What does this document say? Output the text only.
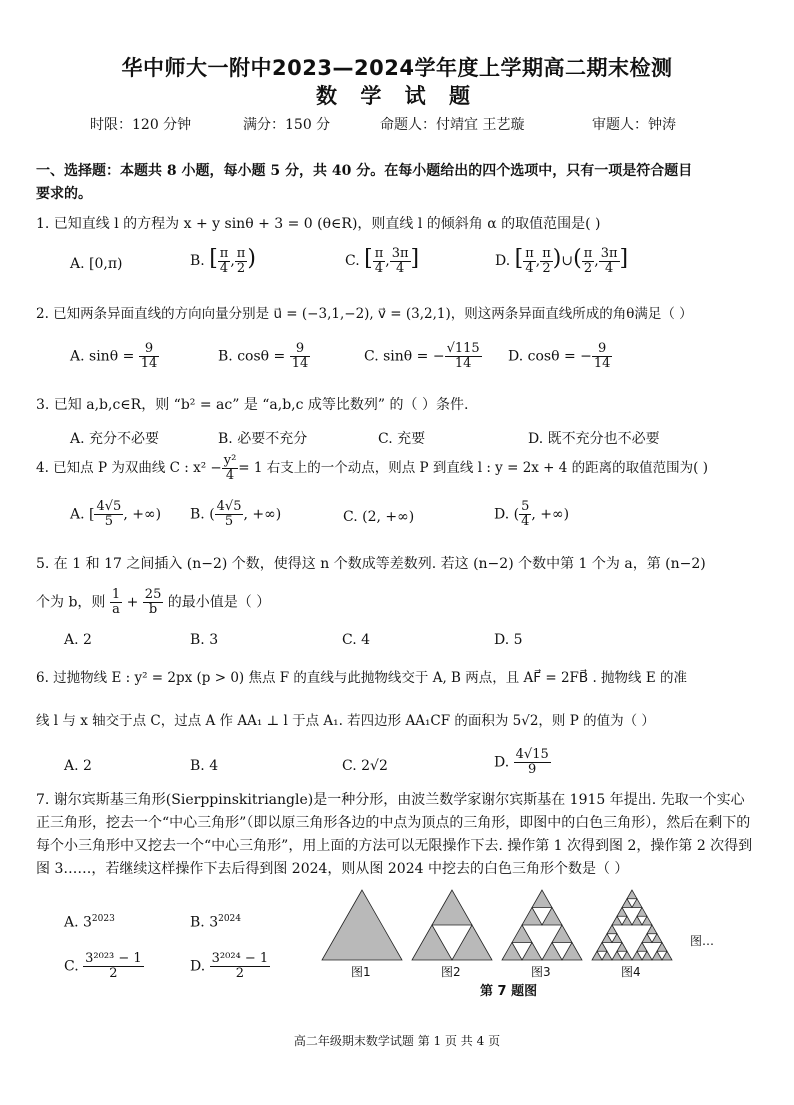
华中师大一附中2023—2024学年度上学期高二期末检测
数 学 试 题
时限：120 分钟	满分：150 分	命题人：付靖宜 王艺璇	审题人：钟涛
一、选择题：本题共 8 小题，每小题 5 分，共 40 分。在每小题给出的四个选项中，只有一项是符合题目
要求的。
1. 已知直线 l 的方程为 x + y sinθ + 3 = 0 (θ∈R)，则直线 l 的倾斜角 α 的取值范围是( )
A. [0,π)	B. [ $\frac{\pi}{4}$ , $\frac{\pi}{2}$ )	C. [ $\frac{\pi}{4}$ , $\frac{3\pi}{4}$ ]	D. [ $\frac{\pi}{4}$ , $\frac{\pi}{2}$ )∪( $\frac{\pi}{2}$ , $\frac{3\pi}{4}$ ]
2. 已知两条异面直线的方向向量分别是 u⃗ = (−3,1,−2), v⃗ = (3,2,1)，则这两条异面直线所成的角θ满足（ ）
A. $\sin\theta = \frac{9}{14}$	B. $\cos\theta = \frac{9}{14}$	C. sinθ = − $\frac{√115}{14} D$. cosθ = − $\frac{9}{14}$
3. 已知 a,b,c∈R，则 “b² = ac” 是 “a,b,c 成等比数列” 的（ ）条件.
A. 充分不必要	B. 必要不充分	C. 充要	D. 既不充分也不必要
4. 已知点 P 为双曲线 C : $x^2 - \frac{\text{y²}}{4} = 1$ 右支上的一个动点，则点 P 到直线 l : y = 2x + 4 的距离的取值范围为( )
A. [ $\frac{4√5}{5}$ , +∞) B. ( $\frac{4√5}{5}$ , +∞)	C. (2, +∞)	D. ( $\frac{5}{4}$ , +∞)
5. 在 1 和 17 之间插入 (n−2) 个数，使得这 n 个数成等差数列. 若这 (n−2) 个数中第 1 个为 a，第 (n−2)
个为 b，则 $\frac{1}{a} + \frac{25}{b}$ 的最小值是（ ）
A. 2	B. 3	C. 4	D. 5
6. 过抛物线 E : y² = 2px (p > 0) 焦点 F 的直线与此抛物线交于 A, B 两点，且 AF⃗ = 2FB⃗ . 抛物线 E 的准
线 l 与 x 轴交于点 C，过点 A 作 AA₁ ⊥ l 于点 A₁. 若四边形 AA₁CF 的面积为 5√2，则 P 的值为（ ）
A. 2	B. 4	C. 2√2	D. $\frac{4√15}{9}$
7. 谢尔宾斯基三角形(Sierppinskitriangle)是一种分形，由波兰数学家谢尔宾斯基在 1915 年提出. 先取一个实心正三角形，挖去一个“中心三角形”（即以原三角形各边的中点为顶点的三角形，即图中的白色三角形），然后在剩下的每个小三角形中又挖去一个“中心三角形”，用上面的方法可以无限操作下去. 操作第 1 次得到图 2，操作第 2 次得到图 3……，若继续这样操作下去后得到图 2024，则从图 2024 中挖去的白色三角形个数是（ ）
A. $3^{2023}$	B. $3^{2024}$
C. $\frac{\text{3²⁰²³ − 1}}{2}$	D. $\frac{\text{3²⁰²⁴ − 1}}{2}$	图1	图2	图3	图4
图…
第 7 题图
高二年级期末数学试题 第 1 页 共 4 页
